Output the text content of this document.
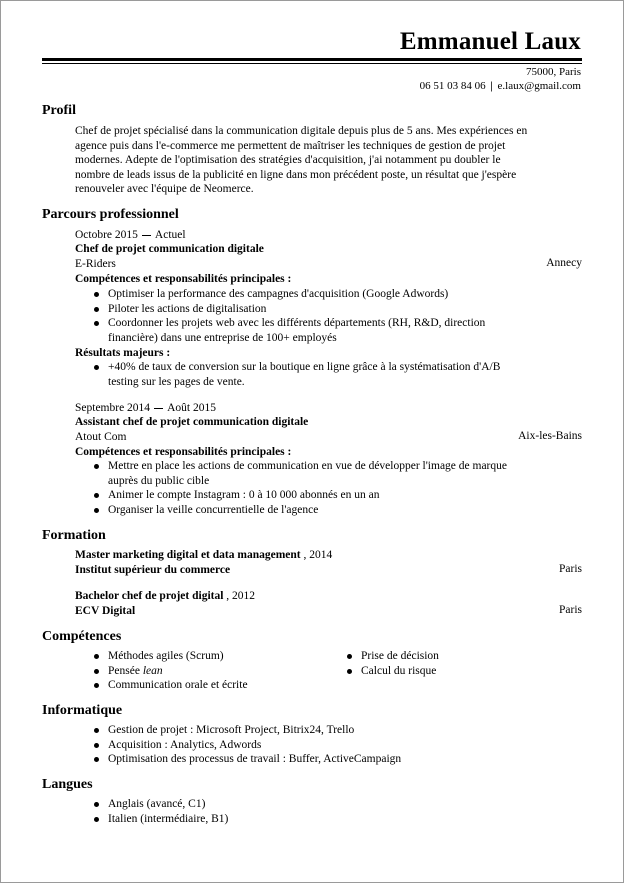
Emmanuel Laux
75000, Paris
06 51 03 84 06 | e.laux@gmail.com
Profil
Chef de projet spécialisé dans la communication digitale depuis plus de 5 ans. Mes expériences en
agence puis dans l'e-commerce me permettent de maîtriser les techniques de gestion de projet
modernes. Adepte de l'optimisation des stratégies d'acquisition, j'ai notamment pu doubler le
nombre de leads issus de la publicité en ligne dans mon précédent poste, un résultat que j'espère
renouveler avec l'équipe de Neomerce.
Parcours professionnel
Octobre 2015 Actuel
Chef de projet communication digitale
E-Riders	Annecy
Compétences et responsabilités principales :
Optimiser la performance des campagnes d'acquisition (Google Adwords)
Piloter les actions de digitalisation
Coordonner les projets web avec les différents départements (RH, R&D, direction
financière) dans une entreprise de 100+ employés
Résultats majeurs :
+40% de taux de conversion sur la boutique en ligne grâce à la systématisation d'A/B
testing sur les pages de vente.
Septembre 2014 Août 2015
Assistant chef de projet communication digitale
Atout Com	Aix-les-Bains
Compétences et responsabilités principales :
Mettre en place les actions de communication en vue de développer l'image de marque
auprès du public cible
Animer le compte Instagram : 0 à 10 000 abonnés en un an
Organiser la veille concurrentielle de l'agence
Formation
Master marketing digital et data management , 2014
Institut supérieur du commerce	Paris
Bachelor chef de projet digital , 2012
ECV Digital	Paris
Compétences
Méthodes agiles (Scrum)
Pensée lean
Communication orale et écrite
Prise de décision
Calcul du risque
Informatique
Gestion de projet : Microsoft Project, Bitrix24, Trello
Acquisition : Analytics, Adwords
Optimisation des processus de travail : Buffer, ActiveCampaign
Langues
Anglais (avancé, C1)
Italien (intermédiaire, B1)
